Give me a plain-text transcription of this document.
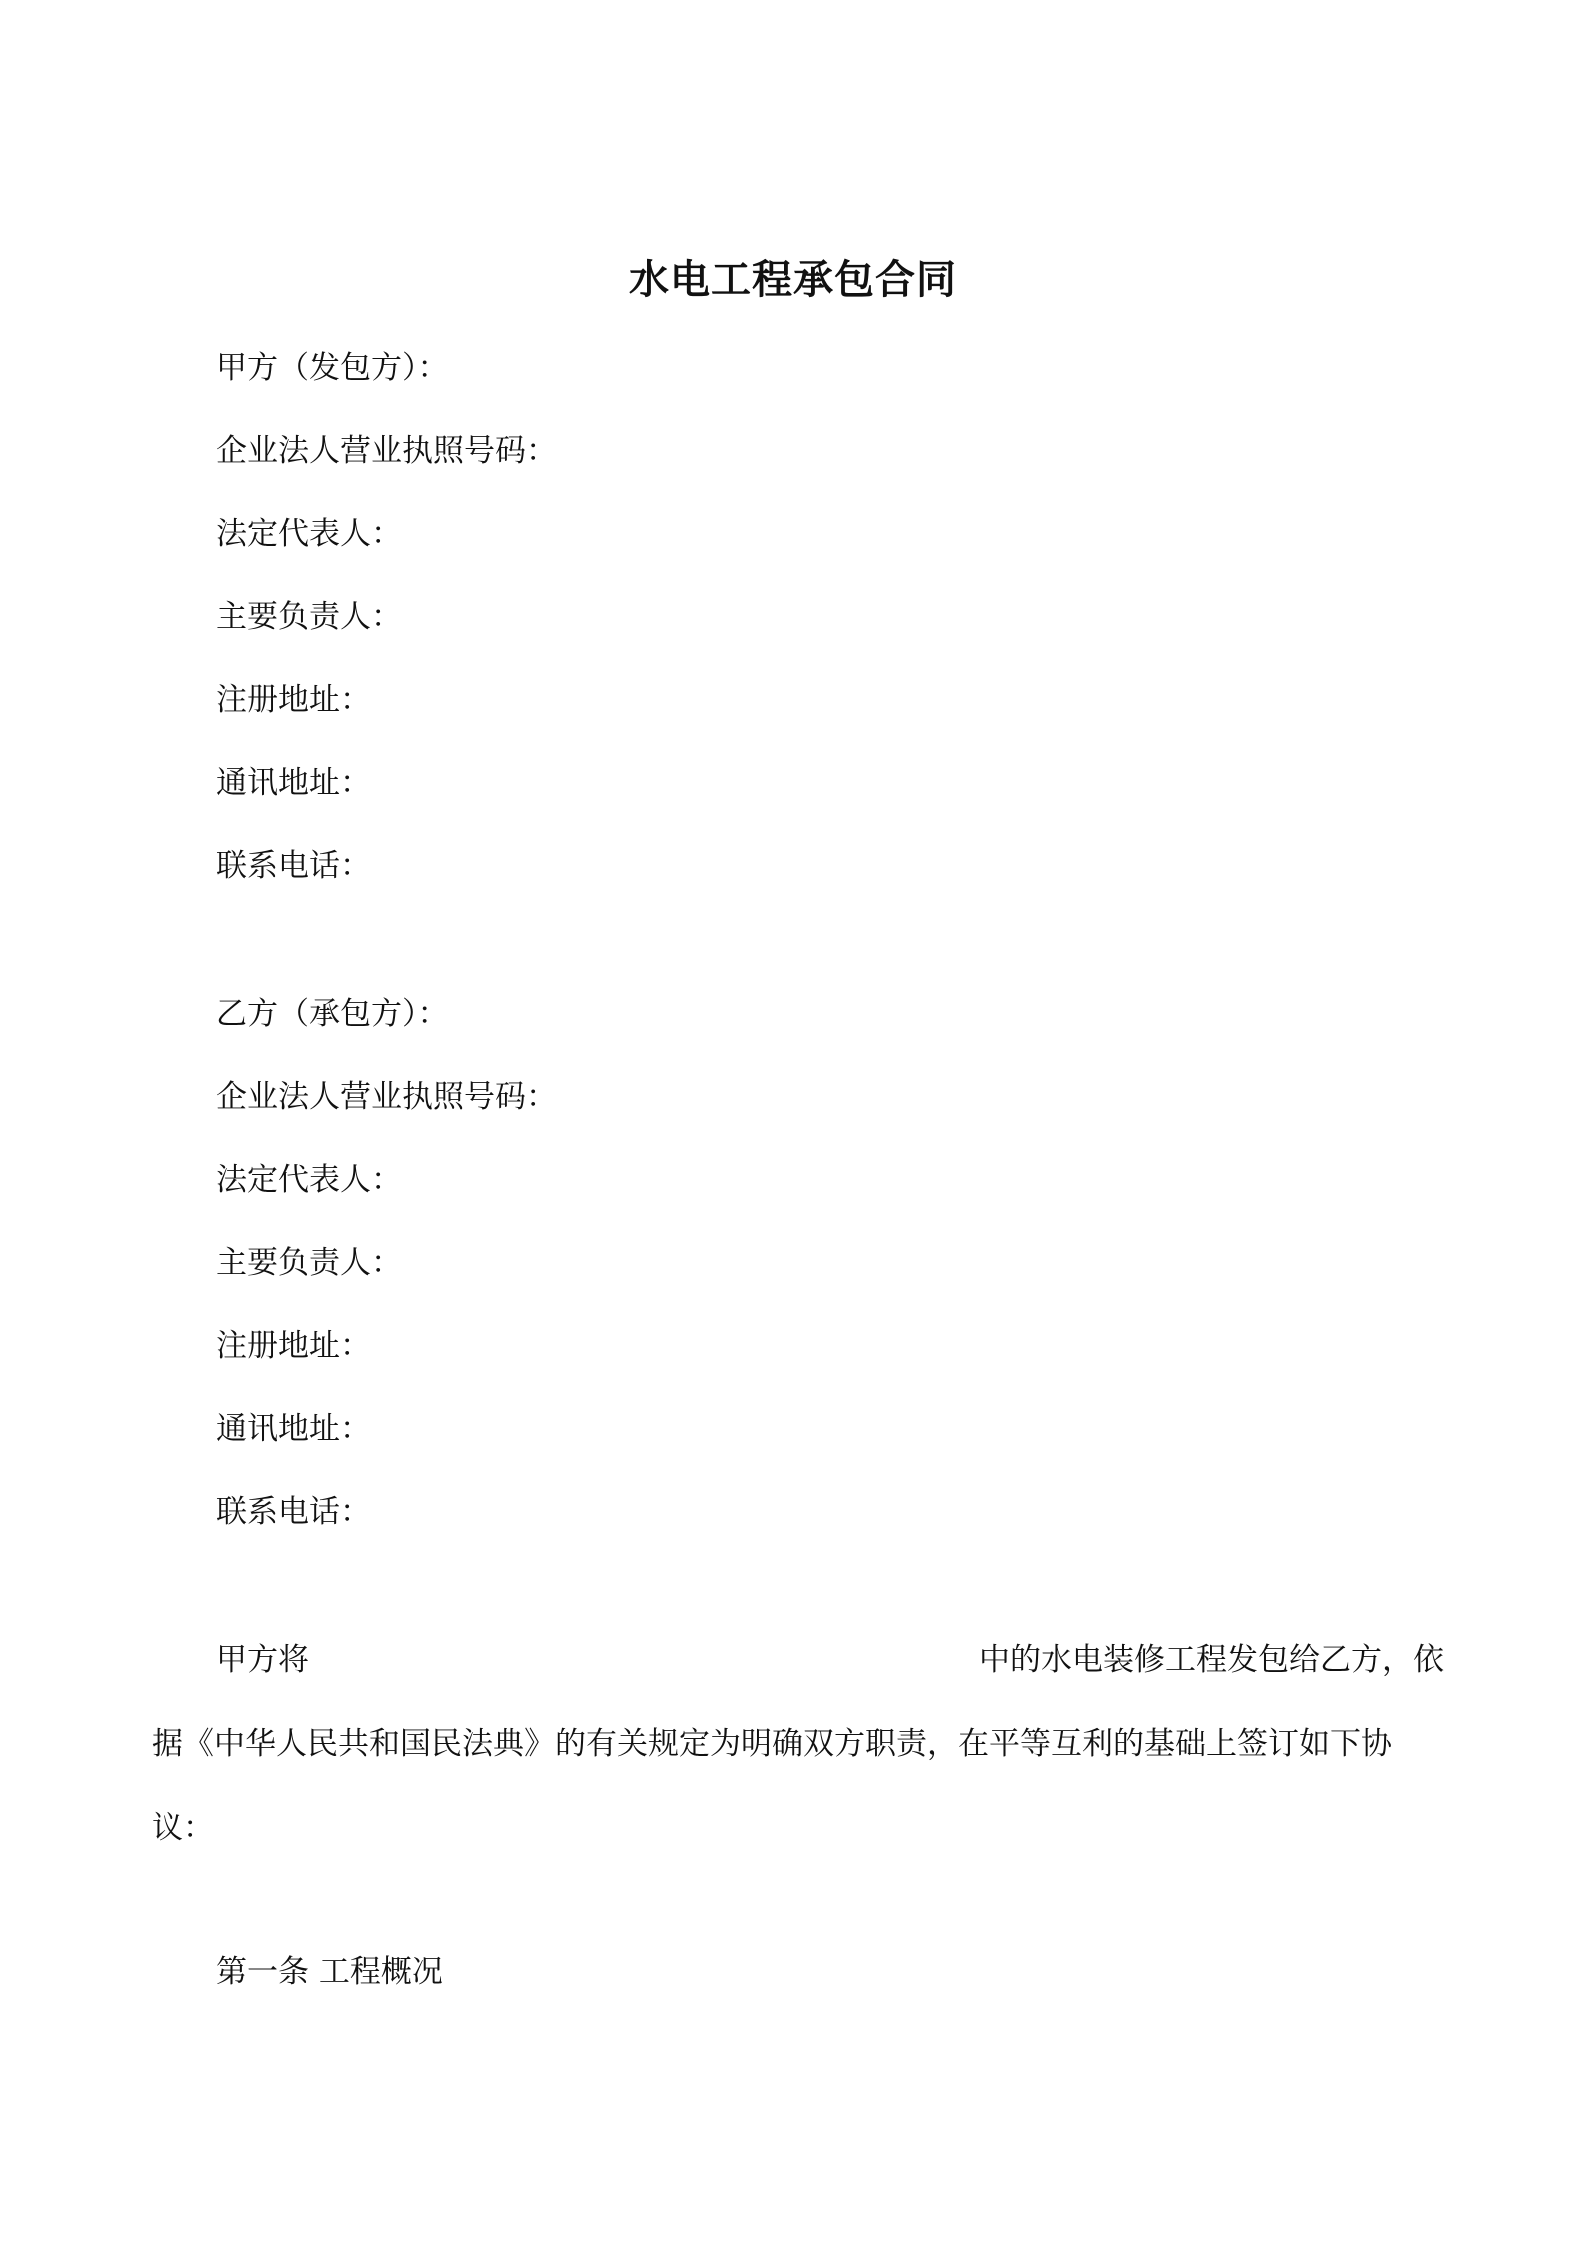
水电工程承包合同
甲方（发包方）：
企业法人营业执照号码：
法定代表人：
主要负责人：
注册地址：
通讯地址：
联系电话：
乙方（承包方）：
企业法人营业执照号码：
法定代表人：
主要负责人：
注册地址：
通讯地址：
联系电话：
甲方将	中的水电装修工程发包给乙方，依
据《中华人民共和国民法典》的有关规定为明确双方职责，在平等互利的基础上签订如下协
议：
第一条 工程概况
